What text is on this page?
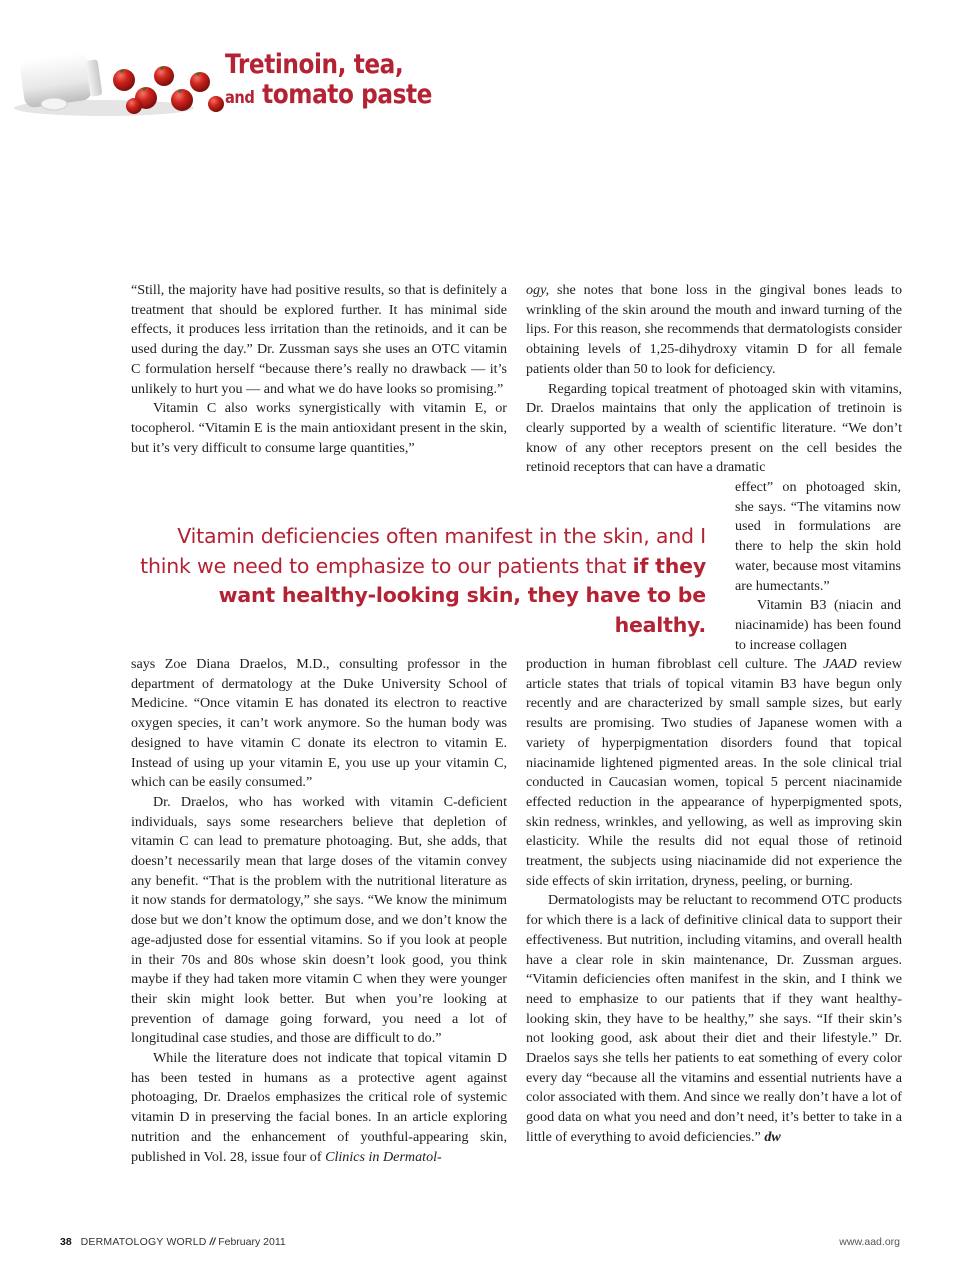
Tretinoin, tea,
and tomato paste

“Still, the majority have had positive results, so that is definitely a treatment that should be explored further. It has minimal side effects, it produces less irritation than the retinoids, and it can be used during the day.” Dr. Zussman says she uses an OTC vitamin C formulation herself “because there’s really no drawback — it’s unlikely to hurt you — and what we do have looks so promising.”

Vitamin C also works synergistically with vitamin E, or tocopherol. “Vitamin E is the main antioxidant present in the skin, but it’s very difficult to consume large quantities,”

ogy, she notes that bone loss in the gingival bones leads to wrinkling of the skin around the mouth and inward turning of the lips. For this reason, she recommends that dermatologists consider obtaining levels of 1,25-dihydroxy vitamin D for all female patients older than 50 to look for deficiency.

Regarding topical treatment of photoaged skin with vitamins, Dr. Draelos maintains that only the application of tretinoin is clearly supported by a wealth of scientific literature. “We don’t know of any other receptors present on the cell besides the retinoid receptors that can have a dramatic

effect” on photoaged skin, she says. “The vitamins now used in formulations are there to help the skin hold water, because most vitamins are humectants.”

Vitamin B3 (niacin and niacinamide) has been found to increase collagen

Vitamin deficiencies often manifest in the skin, and I think we need to emphasize to our patients that if they want healthy-looking skin, they have to be healthy.

says Zoe Diana Draelos, M.D., consulting professor in the department of dermatology at the Duke University School of Medicine. “Once vitamin E has donated its electron to reactive oxygen species, it can’t work anymore. So the human body was designed to have vitamin C donate its electron to vitamin E. Instead of using up your vitamin E, you use up your vitamin C, which can be easily consumed.”

Dr. Draelos, who has worked with vitamin C-deficient individuals, says some researchers believe that depletion of vitamin C can lead to premature photoaging. But, she adds, that doesn’t necessarily mean that large doses of the vitamin convey any benefit. “That is the problem with the nutritional literature as it now stands for dermatology,” she says. “We know the minimum dose but we don’t know the optimum dose, and we don’t know the age-adjusted dose for essential vitamins. So if you look at people in their 70s and 80s whose skin doesn’t look good, you think maybe if they had taken more vitamin C when they were younger their skin might look better. But when you’re looking at prevention of damage going forward, you need a lot of longitudinal case studies, and those are difficult to do.”

While the literature does not indicate that topical vitamin D has been tested in humans as a protective agent against photoaging, Dr. Draelos emphasizes the critical role of systemic vitamin D in preserving the facial bones. In an article exploring nutrition and the enhancement of youthful-appearing skin, published in Vol. 28, issue four of Clinics in Dermatol-

production in human fibroblast cell culture. The JAAD review article states that trials of topical vitamin B3 have begun only recently and are characterized by small sample sizes, but early results are promising. Two studies of Japanese women with a variety of hyperpigmentation disorders found that topical niacinamide lightened pigmented areas. In the sole clinical trial conducted in Caucasian women, topical 5 percent niacinamide effected reduction in the appearance of hyperpigmented spots, skin redness, wrinkles, and yellowing, as well as improving skin elasticity. While the results did not equal those of retinoid treatment, the subjects using niacinamide did not experience the side effects of skin irritation, dryness, peeling, or burning.

Dermatologists may be reluctant to recommend OTC products for which there is a lack of definitive clinical data to support their effectiveness. But nutrition, including vitamins, and overall health have a clear role in skin maintenance, Dr. Zussman argues. “Vitamin deficiencies often manifest in the skin, and I think we need to emphasize to our patients that if they want healthy-looking skin, they have to be healthy,” she says. “If their skin’s not looking good, ask about their diet and their lifestyle.” Dr. Draelos says she tells her patients to eat something of every color every day “because all the vitamins and essential nutrients have a color associated with them. And since we really don’t have a lot of good data on what you need and don’t need, it’s better to take in a little of everything to avoid deficiencies.” dw

38 DERMATOLOGY WORLD // February 2011	www.aad.org
